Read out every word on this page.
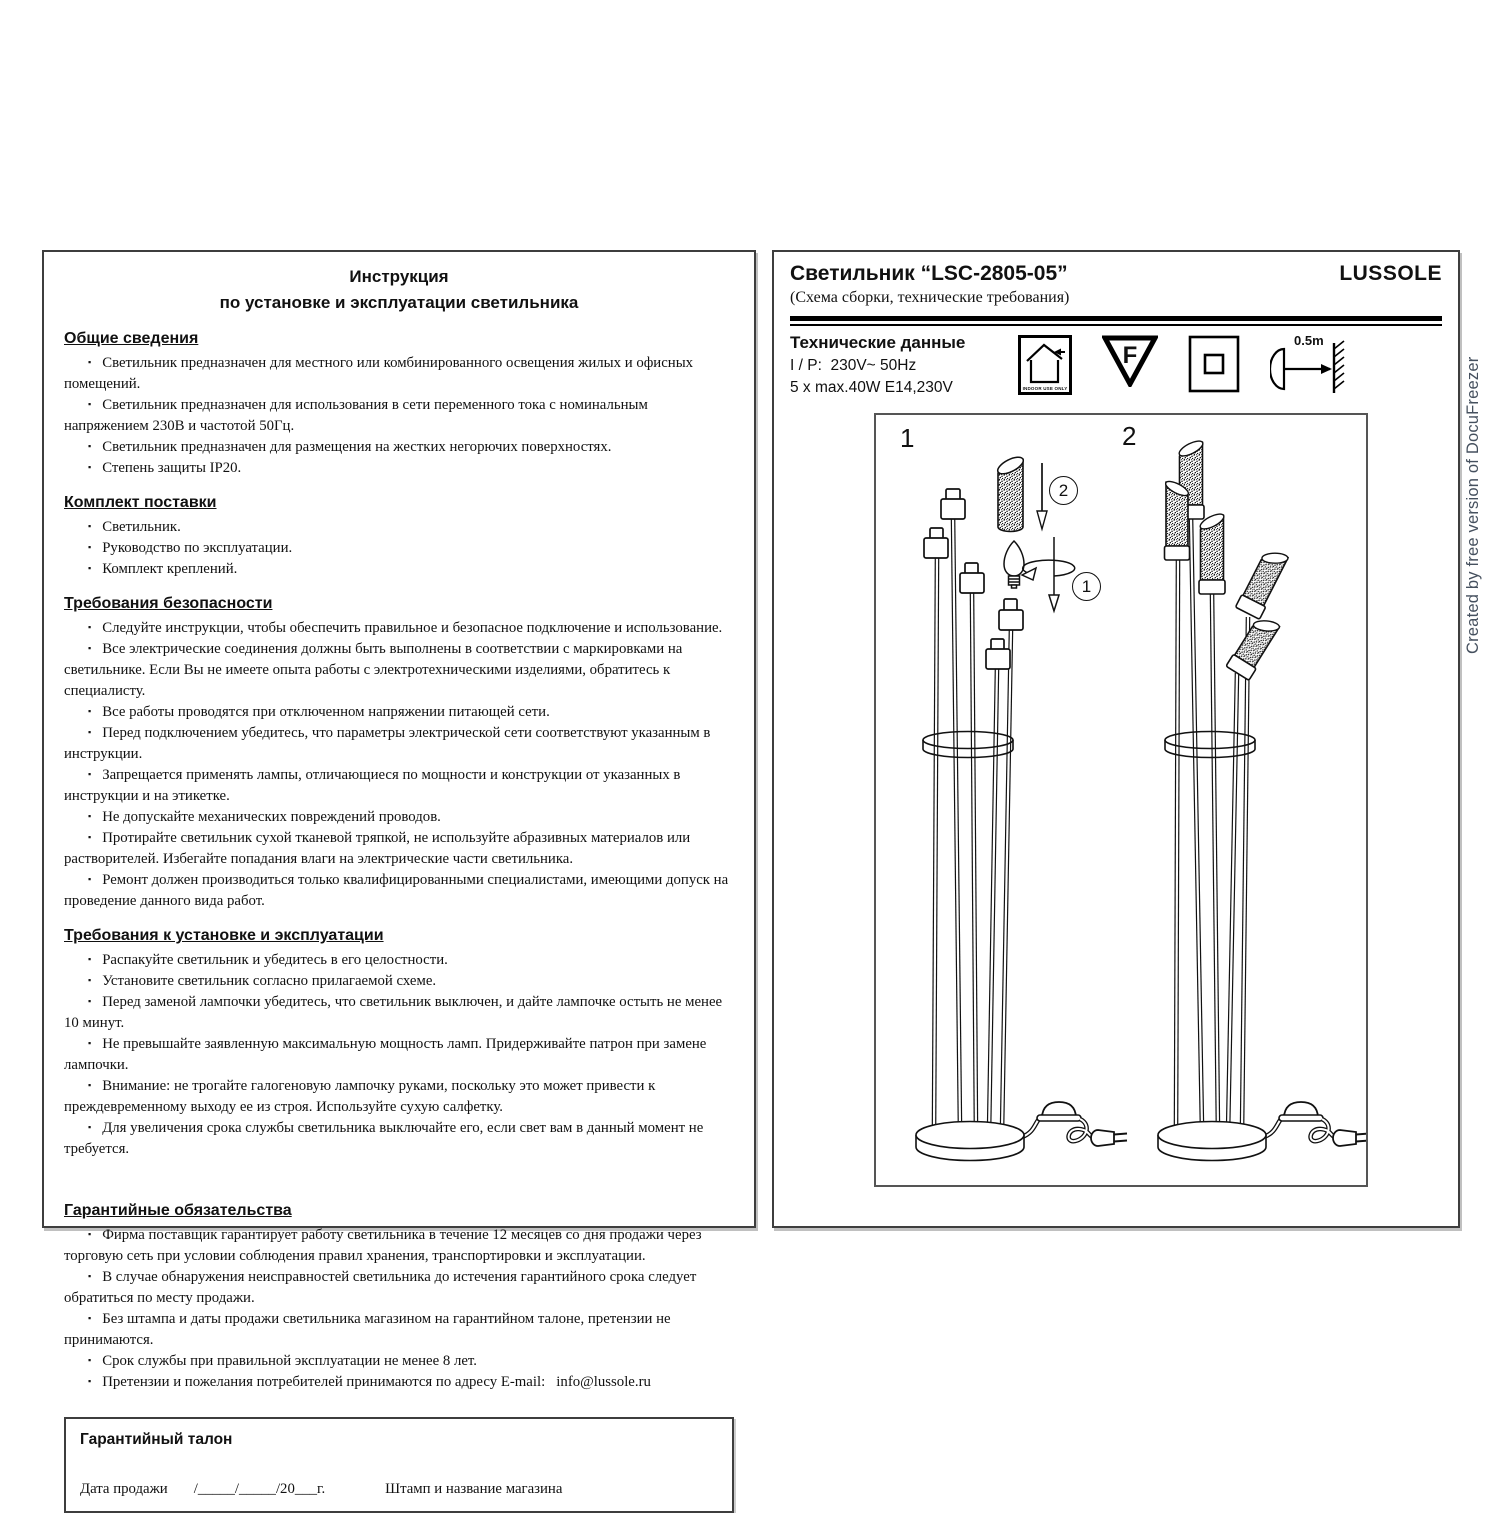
Инструкция
по установке и эксплуатации светильника
Общие сведения
▪ Светильник предназначен для местного или комбинированного освещения жилых и офисных помещений.
▪ Светильник предназначен для использования в сети переменного тока с номинальным напряжением 230В и частотой 50Гц.
▪ Светильник предназначен для размещения на жестких негорючих поверхностях.
▪ Степень защиты IP20.
Комплект поставки
▪ Светильник.
▪ Руководство по эксплуатации.
▪ Комплект креплений.
Требования безопасности
▪ Следуйте инструкции, чтобы обеспечить правильное и безопасное подключение и использование.
▪ Все электрические соединения должны быть выполнены в соответствии с маркировками на светильнике. Если Вы не имеете опыта работы с электротехническими изделиями, обратитесь к специалисту.
▪ Все работы проводятся при отключенном напряжении питающей сети.
▪ Перед подключением убедитесь, что параметры электрической сети соответствуют указанным в инструкции.
▪ Запрещается применять лампы, отличающиеся по мощности и конструкции от указанных в инструкции и на этикетке.
▪ Не допускайте механических повреждений проводов.
▪ Протирайте светильник сухой тканевой тряпкой, не используйте абразивных материалов или растворителей. Избегайте попадания влаги на электрические части светильника.
▪ Ремонт должен производиться только квалифицированными специалистами, имеющими допуск на проведение данного вида работ.
Требования к установке и эксплуатации
▪ Распакуйте светильник и убедитесь в его целостности.
▪ Установите светильник согласно прилагаемой схеме.
▪ Перед заменой лампочки убедитесь, что светильник выключен, и дайте лампочке остыть не менее 10 минут.
▪ Не превышайте заявленную максимальную мощность ламп. Придерживайте патрон при замене лампочки.
▪ Внимание: не трогайте галогеновую лампочку руками, поскольку это может привести к преждевременному выходу ее из строя. Используйте сухую салфетку.
▪ Для увеличения срока службы светильника выключайте его, если свет вам в данный момент не требуется.
Гарантийные обязательства
▪ Фирма поставщик гарантирует работу светильника в течение 12 месяцев со дня продажи через торговую сеть при условии соблюдения правил хранения, транспортировки и эксплуатации.
▪ В случае обнаружения неисправностей светильника до истечения гарантийного срока следует обратиться по месту продажи.
▪ Без штампа и даты продажи светильника магазином на гарантийном талоне, претензии не принимаются.
▪ Срок службы при правильной эксплуатации не менее 8 лет.
▪ Претензии и пожелания потребителей принимаются по адресу E-mail:   info@lussole.ru
Гарантийный талон
Дата продажи /_____/_____/20___г.	Штамп и название магазина
Светильник “LSC-2805-05”	LUSSOLE
(Схема сборки, технические требования)
Технические данные
I / P:  230V~ 50Hz
5 x max.40W E14,230V	INDOOR USE ONLY
F
0.5m
1	2
2
1	Created by free version of DocuFreezer
